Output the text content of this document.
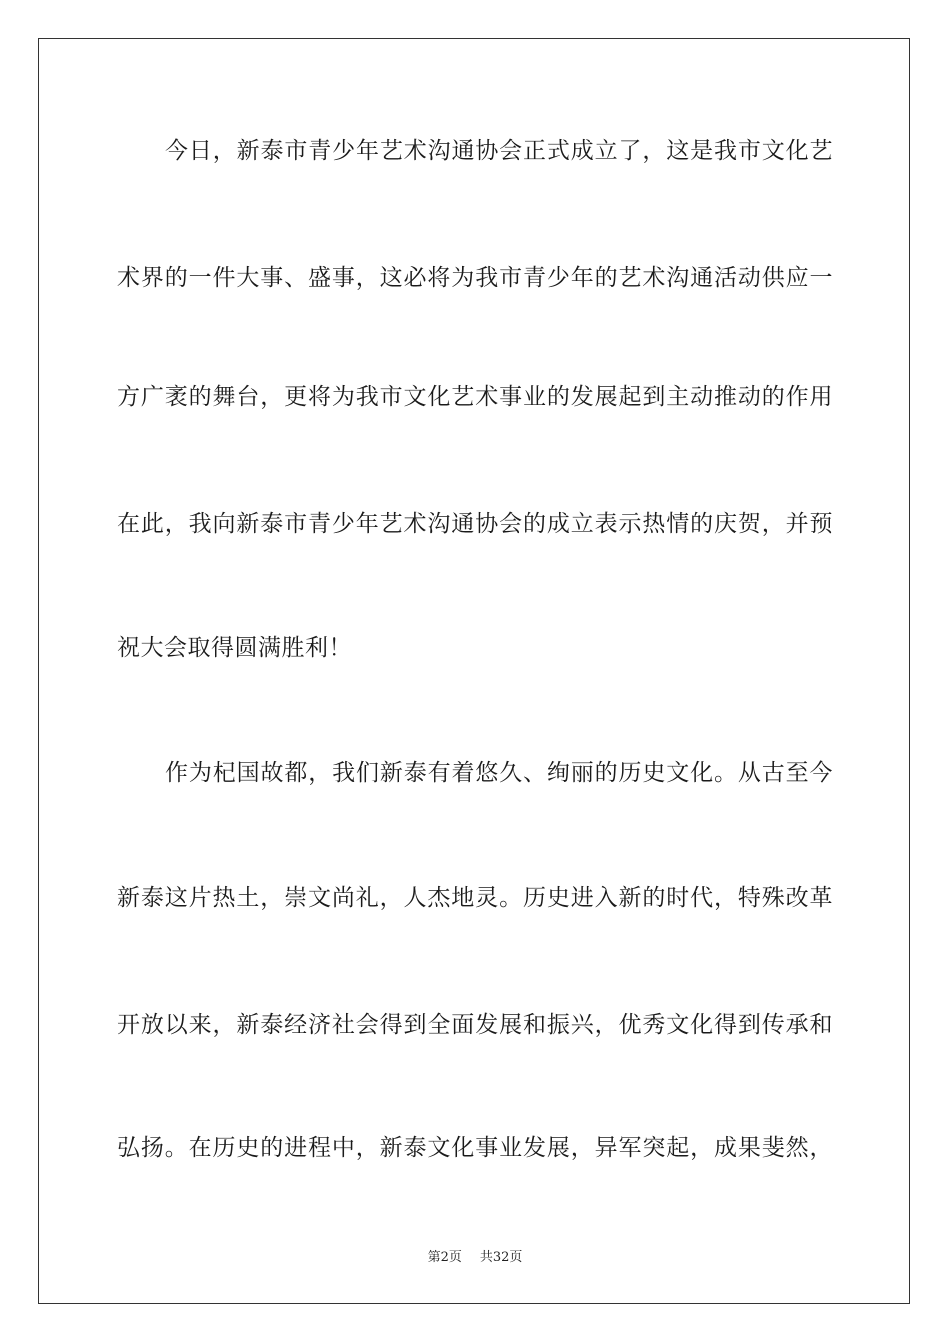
今日，新泰市青少年艺术沟通协会正式成立了，这是我市文化艺
术界的一件大事、盛事，这必将为我市青少年的艺术沟通活动供应一
方广袤的舞台，更将为我市文化艺术事业的发展起到主动推动的作用
在此，我向新泰市青少年艺术沟通协会的成立表示热情的庆贺，并预
祝大会取得圆满胜利！
作为杞国故都，我们新泰有着悠久、绚丽的历史文化。从古至今
新泰这片热土，崇文尚礼，人杰地灵。历史进入新的时代，特殊改革
开放以来，新泰经济社会得到全面发展和振兴，优秀文化得到传承和
弘扬。在历史的进程中，新泰文化事业发展，异军突起，成果斐然，
第2页 共32页
